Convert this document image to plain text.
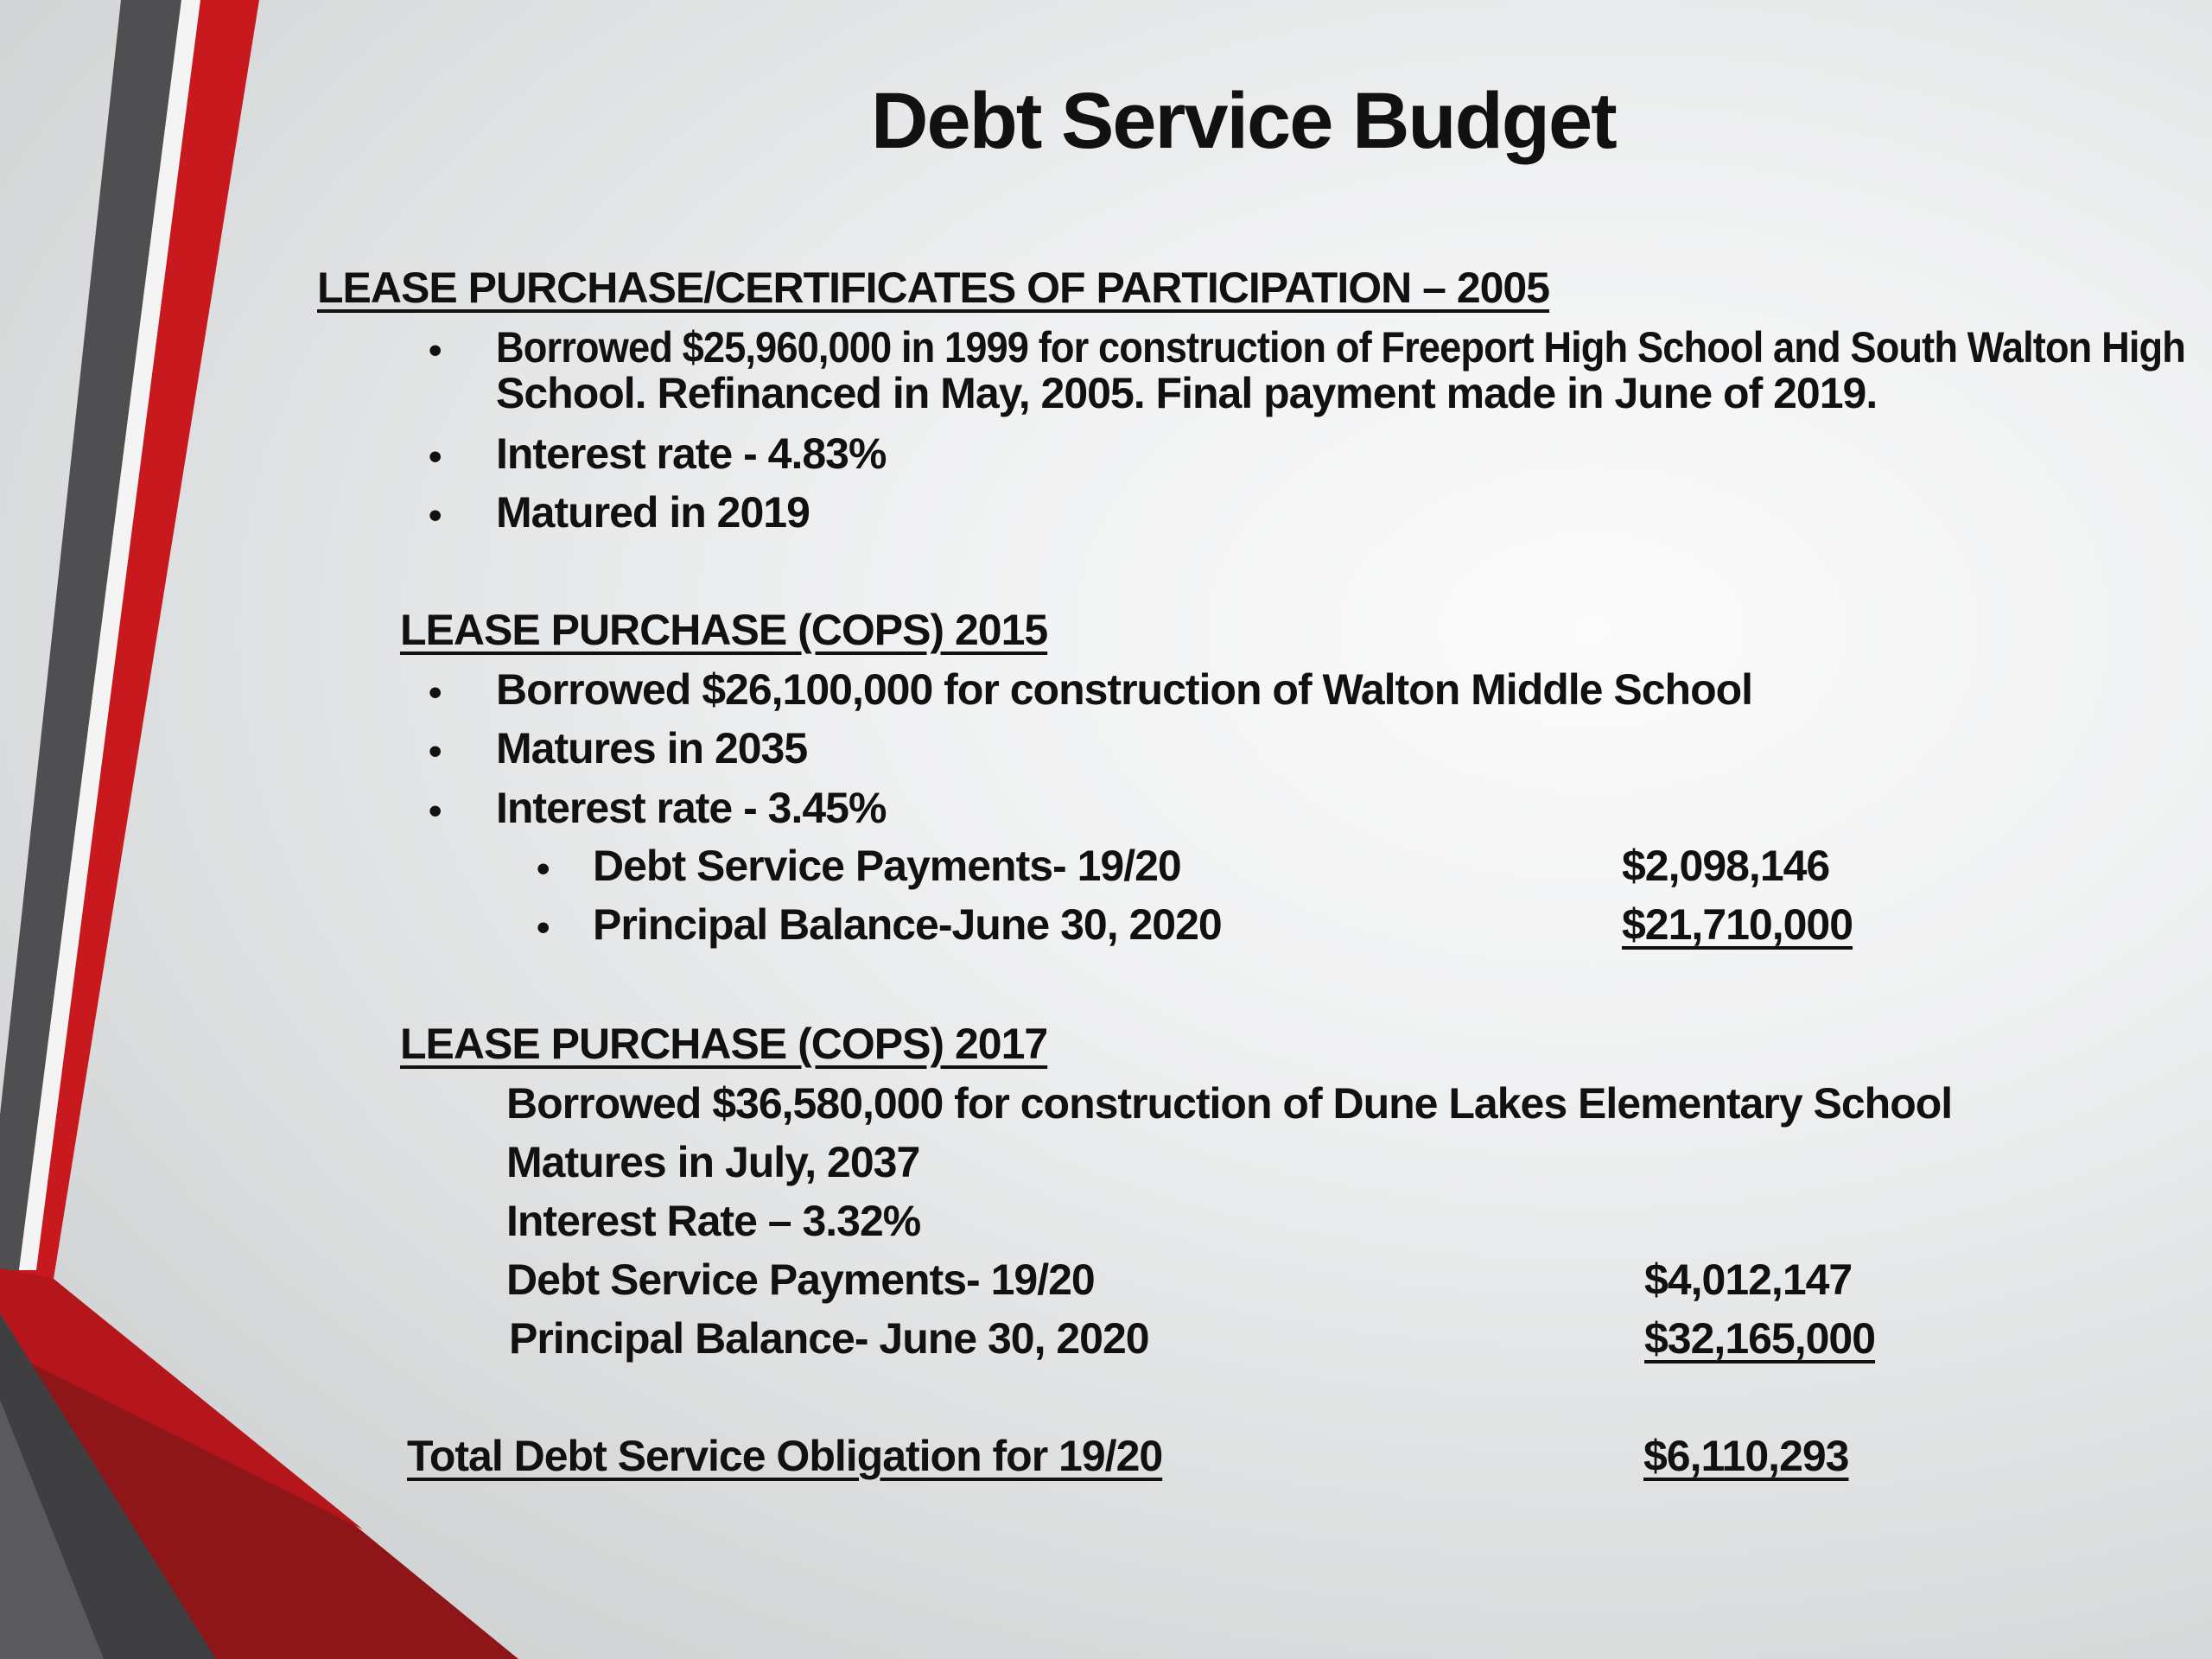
Debt Service Budget
LEASE PURCHASE/CERTIFICATES OF PARTICIPATION – 2005
• Borrowed $25,960,000 in 1999 for construction of Freeport High School and South Walton High
School. Refinanced in May, 2005. Final payment made in June of 2019.
• Interest rate - 4.83%
• Matured in 2019
LEASE PURCHASE (COPS) 2015
• Borrowed $26,100,000 for construction of Walton Middle School
• Matures in 2035
• Interest rate - 3.45%
• Debt Service Payments- 19/20	$2,098,146
• Principal Balance-June 30, 2020	$21,710,000
LEASE PURCHASE (COPS) 2017
Borrowed $36,580,000 for construction of Dune Lakes Elementary School
Matures in July, 2037
Interest Rate – 3.32%
Debt Service Payments- 19/20	$4,012,147
Principal Balance- June 30, 2020	$32,165,000
Total Debt Service Obligation for 19/20	$6,110,293
